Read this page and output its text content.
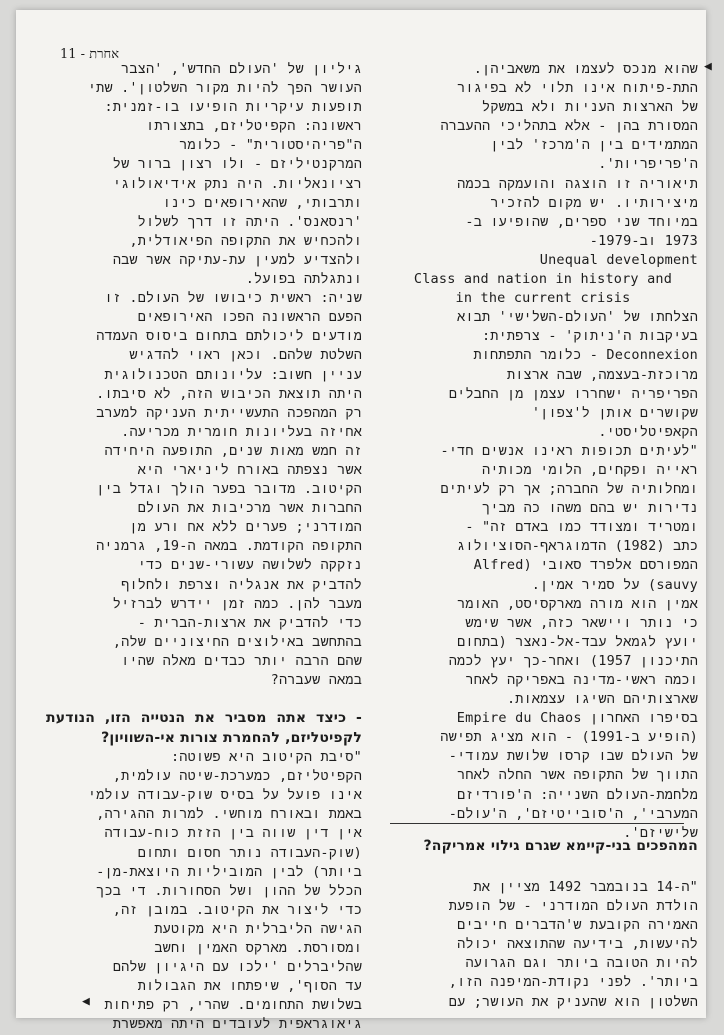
11 - אחרת
◀
◀
גיליון של 'העולם החדש', 'הצבר
העושר הפך להיות מקור השלטון'. שתי
תופעות עיקריות הופיעו בו-זמנית:
ראשונה: הקפיטליזם, בתצורתו
ה"פריהיסטורית" - כלומר
המרקנטיליזם - ולו רצון ברור של
רציונאליות. היה נתק אידיאולוגי
ותרבותי, שהאירופאים כינו
'רנסאנס'. היתה זו דרך לשלול
ולהכחיש את התקופה הפיאודלית,
ולהצדיע למעין עת-עתיקה אשר שבה
ונתגלתה בפועל.
שניה: ראשית כיבושו של העולם. זו
הפעם הראשונה הפכו האירופאים
מודעים ליכולתם בתחום ביסוס העמדה
השלטת שלהם. וכאן ראוי להדגיש
עניין חשוב: עליונותם הטכנולוגית
היתה תוצאת הכיבוש הזה, לא סיבתו.
רק המהפכה התעשייתית העניקה למערב
אחיזה בעליונות חומרית מכריעה.
זה חמש מאות שנים, התופעה היחידה
אשר נצפתה באורח ליניארי היא
הקיטוב. מדובר בפער הולך וגדל בין
החברות אשר מרכיבות את העולם
המודרני; פערים ללא אח ורע מן
התקופה הקודמת. במאה ה-19, גרמניה
נזקקה לשלושה עשורי-שנים כדי
להדביק את אנגליה וצרפת ולחלוף
מעבר להן. כמה זמן יידרש לברזיל
כדי להדביק את ארצות-הברית -
בהתחשב באילוצים החיצוניים שלה,
שהם הרבה יותר כבדים מאלה שהיו
במאה שעברה?

- כיצד אתה מסביר את הנטייה הזו, הנודעת לקפיטליזם, להחמרת צורות אי-השוויון?

"סיבת הקיטוב היא פשוטה:
הקפיטליזם, כמערכת-שיטה עולמית,
אינו פועל על בסיס שוק-עבודה עולמי
באמת ובאורח מוחשי. למרות ההגירה,
אין דין שווה בין הזזת כוח-עבודה
(שוק-העבודה נותר חסום ותחום
ביותר) לבין המוביליות היוצאת-מן-
הכלל של ההון ושל הסחורות. די בכך
כדי ליצור את הקיטוב. במובן זה,
הגישה הליברלית היא מקוטעת
ומסורסת. מארקס האמין וחשב
שהליברלים 'ילכו עם היגיון שלהם
עד הסוף', שיפתחו את הגבולות
בשלושת התחומים. שהרי, רק פתיחות
גיאוגראפית לעובדים היתה מאפשרת
שהוא מנכס לעצמו את משאביהן.
התת-פיתוח אינו תלוי לא בפיגור
של הארצות העניות ולא במשקל
המסורת בהן - אלא בתהליכי ההעברה
המתמידים בין ה'מרכז' לבין
ה'פריפריות'.
תיאוריה זו הוצגה והועמקה בכמה
מיצירותיו. יש מקום להזכיר
במיוחד שני ספרים, שהופיעו ב-
1973 וב-1979-
Unequal development
Class and nation in history and
in the current crisis
הצלחתו של 'העולם-השלישי' תבוא
בעיקבות ה'ניתוק' - צרפתית:
Deconnexion - כלומר התפתחות
מרוכזת-בעצמה, שבה ארצות
הפריפריה ישחררו עצמן מן החבלים
שקושרים אותן ל'צפון'
הקאפיטליסטי.
"לעיתים תכופות ראינו אנשים חדי-
ראייה ופקחים, הלומי מכותיה
ומחלותיה של החברה; אך רק לעיתים
נדירות יש בהם משהו כה מביך
ומטריד ומצודד כמו באדם זה" -
כתב (1982) הדמוגראף-הסוציולוג
המפורסם אלפרד סאובי (Alfred
sauvy) על סמיר אמין.
אמין הוא מורה מארקסיסט, האומר
כי נותר ויישאר כזה, אשר שימש
יועץ לגמאל עבד-אל-נאצר (בתחום
התיכנון 1957) ואחר-כך יעץ לכמה
וכמה ראשי-מדינה באפריקה לאחר
שארצותיהם השיגו עצמאות.
בסיפרו האחרון Empire du Chaos
(הופיע ב-1991) - הוא מציג תפישה
של העולם שבו קרסו שלושת עמודי-
התווך של התקופה אשר החלה לאחר
מלחמת-העולם השנייה: ה'פורדיזם
המערבי', ה'סובייטיזם', ה'עולם-
שלישיזם'.

המהפכים בני-קיימא שגרם גילוי אמריקה?

"ה-14 בנובמבר 1492 מציין את
הולדת העולם המודרני - של הופעת
האמירה הקובעת ש'הדברים חייבים
להיעשות, בידיעה שהתוצאה יכולה
להיות הטובה ביותר וגם הגרועה
ביותר'. לפני נקודת-המיפנה הזו,
השלטון הוא שהעניק את העושר; עם
